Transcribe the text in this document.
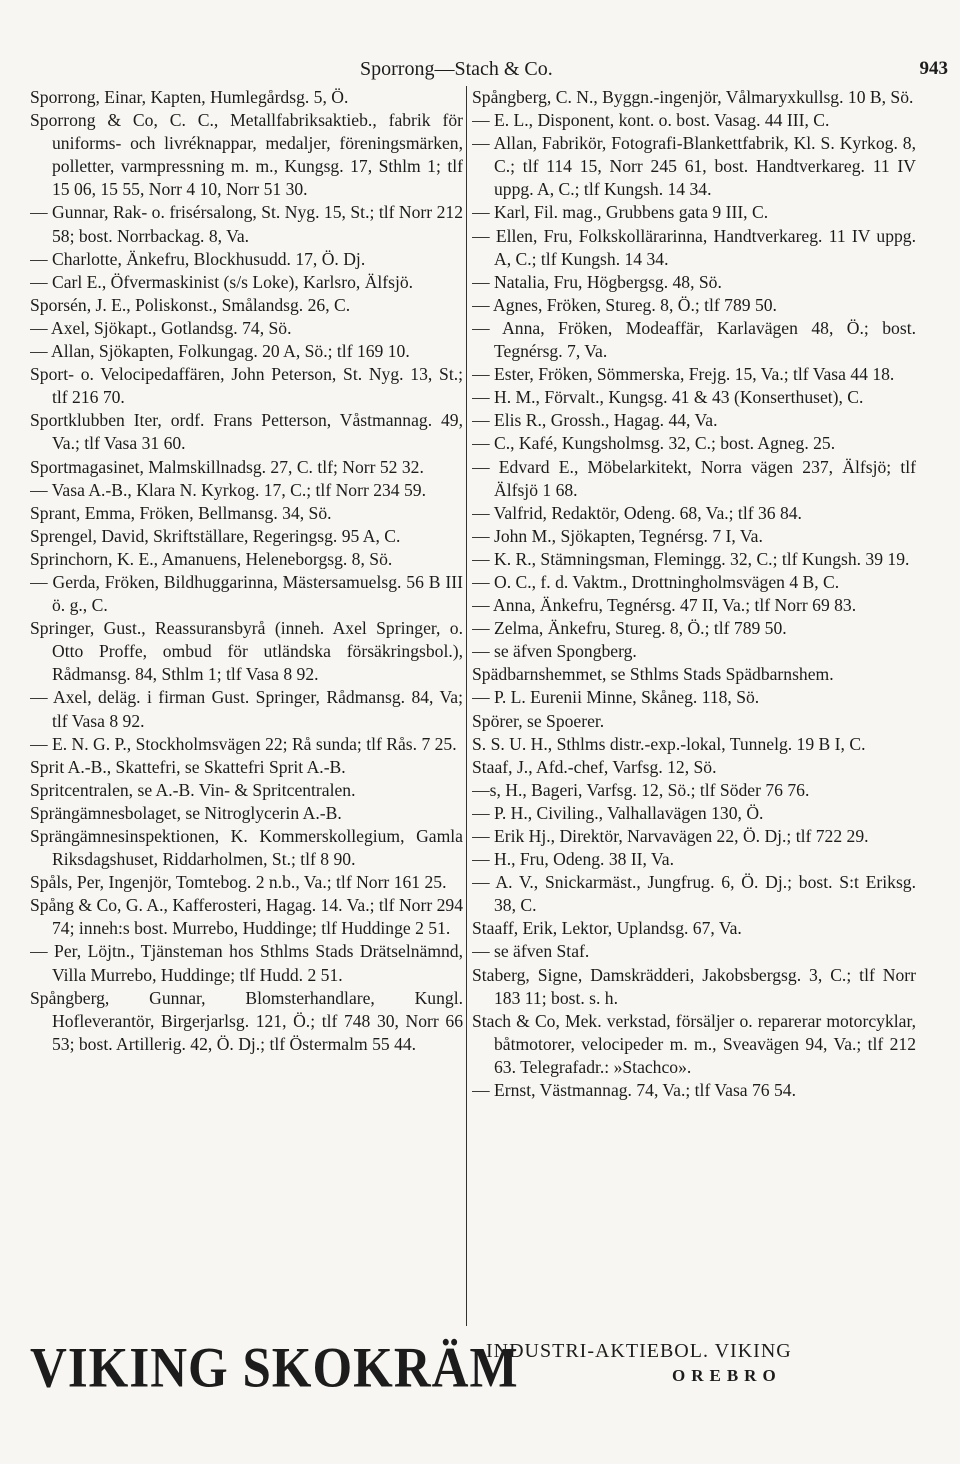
Sporrong—Stach & Co.	943

Sporrong, Einar, Kapten, Humlegårdsg. 5, Ö.

Sporrong & Co, C. C., Metallfabriksaktieb., fabrik för uniforms- och livréknappar, medaljer, föreningsmärken, polletter, varmpressning m. m., Kungsg. 17, Sthlm 1; tlf 15 06, 15 55, Norr 4 10, Norr 51 30.

— Gunnar, Rak- o. frisérsalong, St. Nyg. 15, St.; tlf Norr 212 58; bost. Norrbackag. 8, Va.

— Charlotte, Änkefru, Blockhusudd. 17, Ö. Dj.

— Carl E., Öfvermaskinist (s/s Loke), Karlsro, Älfsjö.

Sporsén, J. E., Poliskonst., Smålandsg. 26, C.

— Axel, Sjökapt., Gotlandsg. 74, Sö.

— Allan, Sjökapten, Folkungag. 20 A, Sö.; tlf 169 10.

Sport- o. Velocipedaffären, John Peterson, St. Nyg. 13, St.; tlf 216 70.

Sportklubben Iter, ordf. Frans Petterson, Våstmannag. 49, Va.; tlf Vasa 31 60.

Sportmagasinet, Malmskillnadsg. 27, C. tlf; Norr 52 32.

— Vasa A.-B., Klara N. Kyrkog. 17, C.; tlf Norr 234 59.

Sprant, Emma, Fröken, Bellmansg. 34, Sö.

Sprengel, David, Skriftställare, Regeringsg. 95 A, C.

Sprinchorn, K. E., Amanuens, Heleneborgsg. 8, Sö.

— Gerda, Fröken, Bildhuggarinna, Mästersamuelsg. 56 B III ö. g., C.

Springer, Gust., Reassuransbyrå (inneh. Axel Springer, o. Otto Proffe, ombud för utländska försäkringsbol.), Rådmansg. 84, Sthlm 1; tlf Vasa 8 92.

— Axel, deläg. i firman Gust. Springer, Rådmansg. 84, Va; tlf Vasa 8 92.

— E. N. G. P., Stockholmsvägen 22; Rå sunda; tlf Rås. 7 25.

Sprit A.-B., Skattefri, se Skattefri Sprit A.-B.

Spritcentralen, se A.-B. Vin- & Spritcentralen.

Sprängämnesbolaget, se Nitroglycerin A.-B.

Sprängämnesinspektionen, K. Kommerskollegium, Gamla Riksdagshuset, Riddarholmen, St.; tlf 8 90.

Spåls, Per, Ingenjör, Tomtebog. 2 n.b., Va.; tlf Norr 161 25.

Spång & Co, G. A., Kafferosteri, Hagag. 14. Va.; tlf Norr 294 74; inneh:s bost. Murrebo, Huddinge; tlf Huddinge 2 51.

— Per, Löjtn., Tjänsteman hos Sthlms Stads Drätselnämnd, Villa Murrebo, Huddinge; tlf Hudd. 2 51.

Spångberg, Gunnar, Blomsterhandlare, Kungl. Hofleverantör, Birgerjarlsg. 121, Ö.; tlf 748 30, Norr 66 53; bost. Artillerig. 42, Ö. Dj.; tlf Östermalm 55 44.

Spångberg, C. N., Byggn.-ingenjör, Vålmaryxkullsg. 10 B, Sö.

— E. L., Disponent, kont. o. bost. Vasag. 44 III, C.

— Allan, Fabrikör, Fotografi-Blankettfabrik, Kl. S. Kyrkog. 8, C.; tlf 114 15, Norr 245 61, bost. Handtverkareg. 11 IV uppg. A, C.; tlf Kungsh. 14 34.

— Karl, Fil. mag., Grubbens gata 9 III, C.

— Ellen, Fru, Folkskollärarinna, Handtverkareg. 11 IV uppg. A, C.; tlf Kungsh. 14 34.

— Natalia, Fru, Högbergsg. 48, Sö.

— Agnes, Fröken, Stureg. 8, Ö.; tlf 789 50.

— Anna, Fröken, Modeaffär, Karlavägen 48, Ö.; bost. Tegnérsg. 7, Va.

— Ester, Fröken, Sömmerska, Frejg. 15, Va.; tlf Vasa 44 18.

— H. M., Förvalt., Kungsg. 41 & 43 (Konserthuset), C.

— Elis R., Grossh., Hagag. 44, Va.

— C., Kafé, Kungsholmsg. 32, C.; bost. Agneg. 25.

— Edvard E., Möbelarkitekt, Norra vägen 237, Älfsjö; tlf Älfsjö 1 68.

— Valfrid, Redaktör, Odeng. 68, Va.; tlf 36 84.

— John M., Sjökapten, Tegnérsg. 7 I, Va.

— K. R., Stämningsman, Flemingg. 32, C.; tlf Kungsh. 39 19.

— O. C., f. d. Vaktm., Drottningholmsvägen 4 B, C.

— Anna, Änkefru, Tegnérsg. 47 II, Va.; tlf Norr 69 83.

— Zelma, Änkefru, Stureg. 8, Ö.; tlf 789 50.

— se äfven Spongberg.

Spädbarnshemmet, se Sthlms Stads Spädbarnshem.

— P. L. Eurenii Minne, Skåneg. 118, Sö.

Spörer, se Spoerer.

S. S. U. H., Sthlms distr.-exp.-lokal, Tunnelg. 19 B I, C.

Staaf, J., Afd.-chef, Varfsg. 12, Sö.

—s, H., Bageri, Varfsg. 12, Sö.; tlf Söder 76 76.

— P. H., Civiling., Valhallavägen 130, Ö.

— Erik Hj., Direktör, Narvavägen 22, Ö. Dj.; tlf 722 29.

— H., Fru, Odeng. 38 II, Va.

— A. V., Snickarmäst., Jungfrug. 6, Ö. Dj.; bost. S:t Eriksg. 38, C.

Staaff, Erik, Lektor, Uplandsg. 67, Va.

— se äfven Staf.

Staberg, Signe, Damskrädderi, Jakobsbergsg. 3, C.; tlf Norr 183 11; bost. s. h.

Stach & Co, Mek. verkstad, försäljer o. reparerar motorcyklar, båtmotorer, velocipeder m. m., Sveavägen 94, Va.; tlf 212 63. Telegrafadr.: »Stachco».

— Ernst, Västmannag. 74, Va.; tlf Vasa 76 54.

VIKING SKOKRÄM
INDUSTRI-AKTIEBOL. VIKING
OREBRO
